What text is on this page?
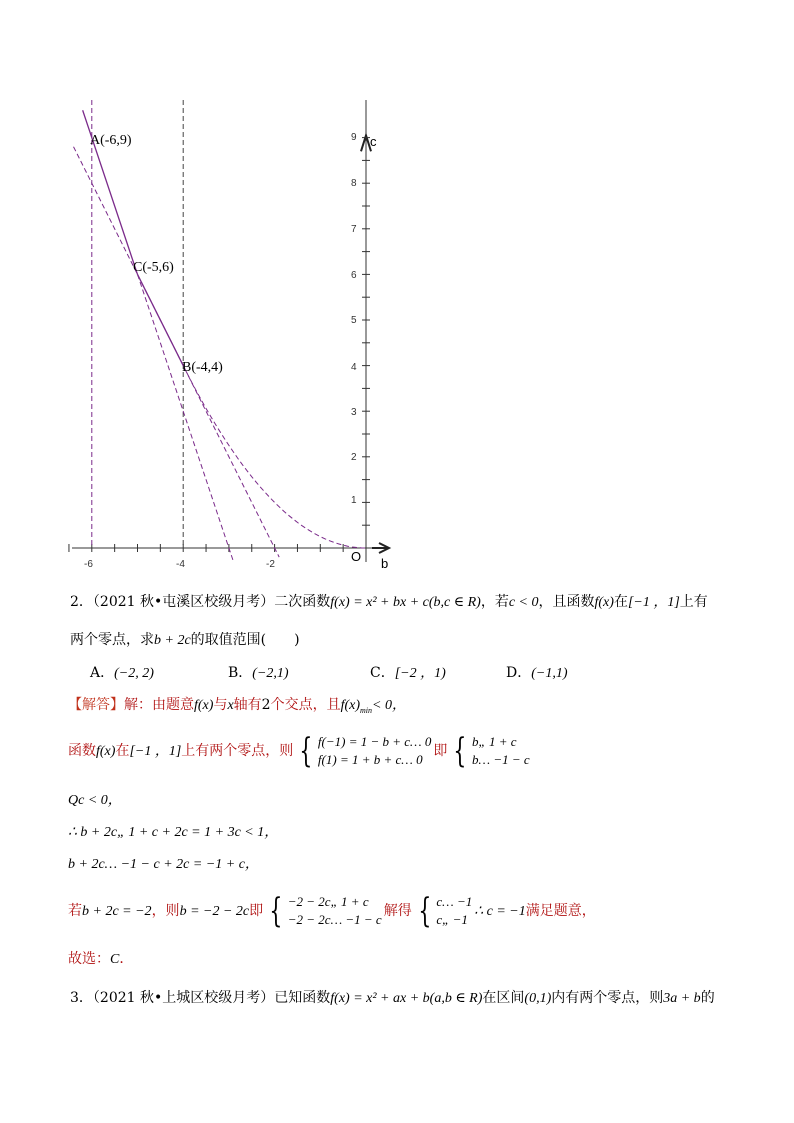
c
b
O
-6	-4	-2
1
2
3
4
5
6
7
8
9
A(-6,9)
C(-5,6)
B(-4,4)
2．（2021 秋•屯溪区校级月考）二次函数f(x) = x² + bx + c(b,c ∈ R)，若c < 0，且函数f(x)在[−1 ，1]上有
两个零点，求b + 2c的取值范围(　　)
A．(−2, 2)	B．(−2,1)	C．[−2 ，1)	D．(−1,1)
【解答】解：由题意f(x)与x轴有2个交点，且$f(x)_{min}< 0$，
函数f(x)在[−1 ，1]上有两个零点，则 { f(−1) = 1 − b + c… 0
f(1) = 1 + b + c… 0
即 { b„ 1 + c
b… −1 − c
Qc < 0，
∴ b + 2c„ 1 + c + 2c = 1 + 3c < 1，
b + 2c… −1 − c + 2c = −1 + c，
若b + 2c = −2，则b = −2 − 2c即 { −2 − 2c„ 1 + c
−2 − 2c… −1 − c
解得 { c… −1
c„ −1
∴ c = −1满足题意，
故选：C．
3．（2021 秋•上城区校级月考）已知函数f(x) = x² + ax + b(a,b ∈ R)在区间(0,1)内有两个零点，则3a + b的
